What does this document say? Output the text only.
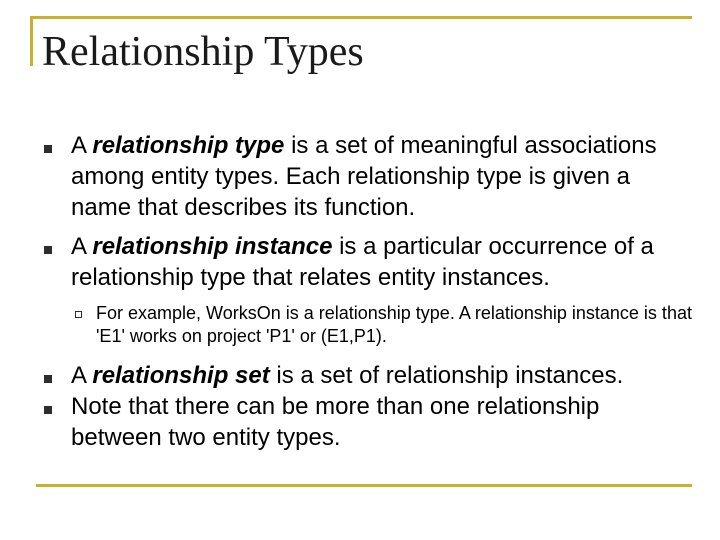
Relationship Types
A relationship type is a set of meaningful associations among entity types. Each relationship type is given a name that describes its function.
A relationship instance is a particular occurrence of a relationship type that relates entity instances.
For example, WorksOn is a relationship type. A relationship instance is that 'E1' works on project 'P1' or (E1,P1).
A relationship set is a set of relationship instances.
Note that there can be more than one relationship between two entity types.
